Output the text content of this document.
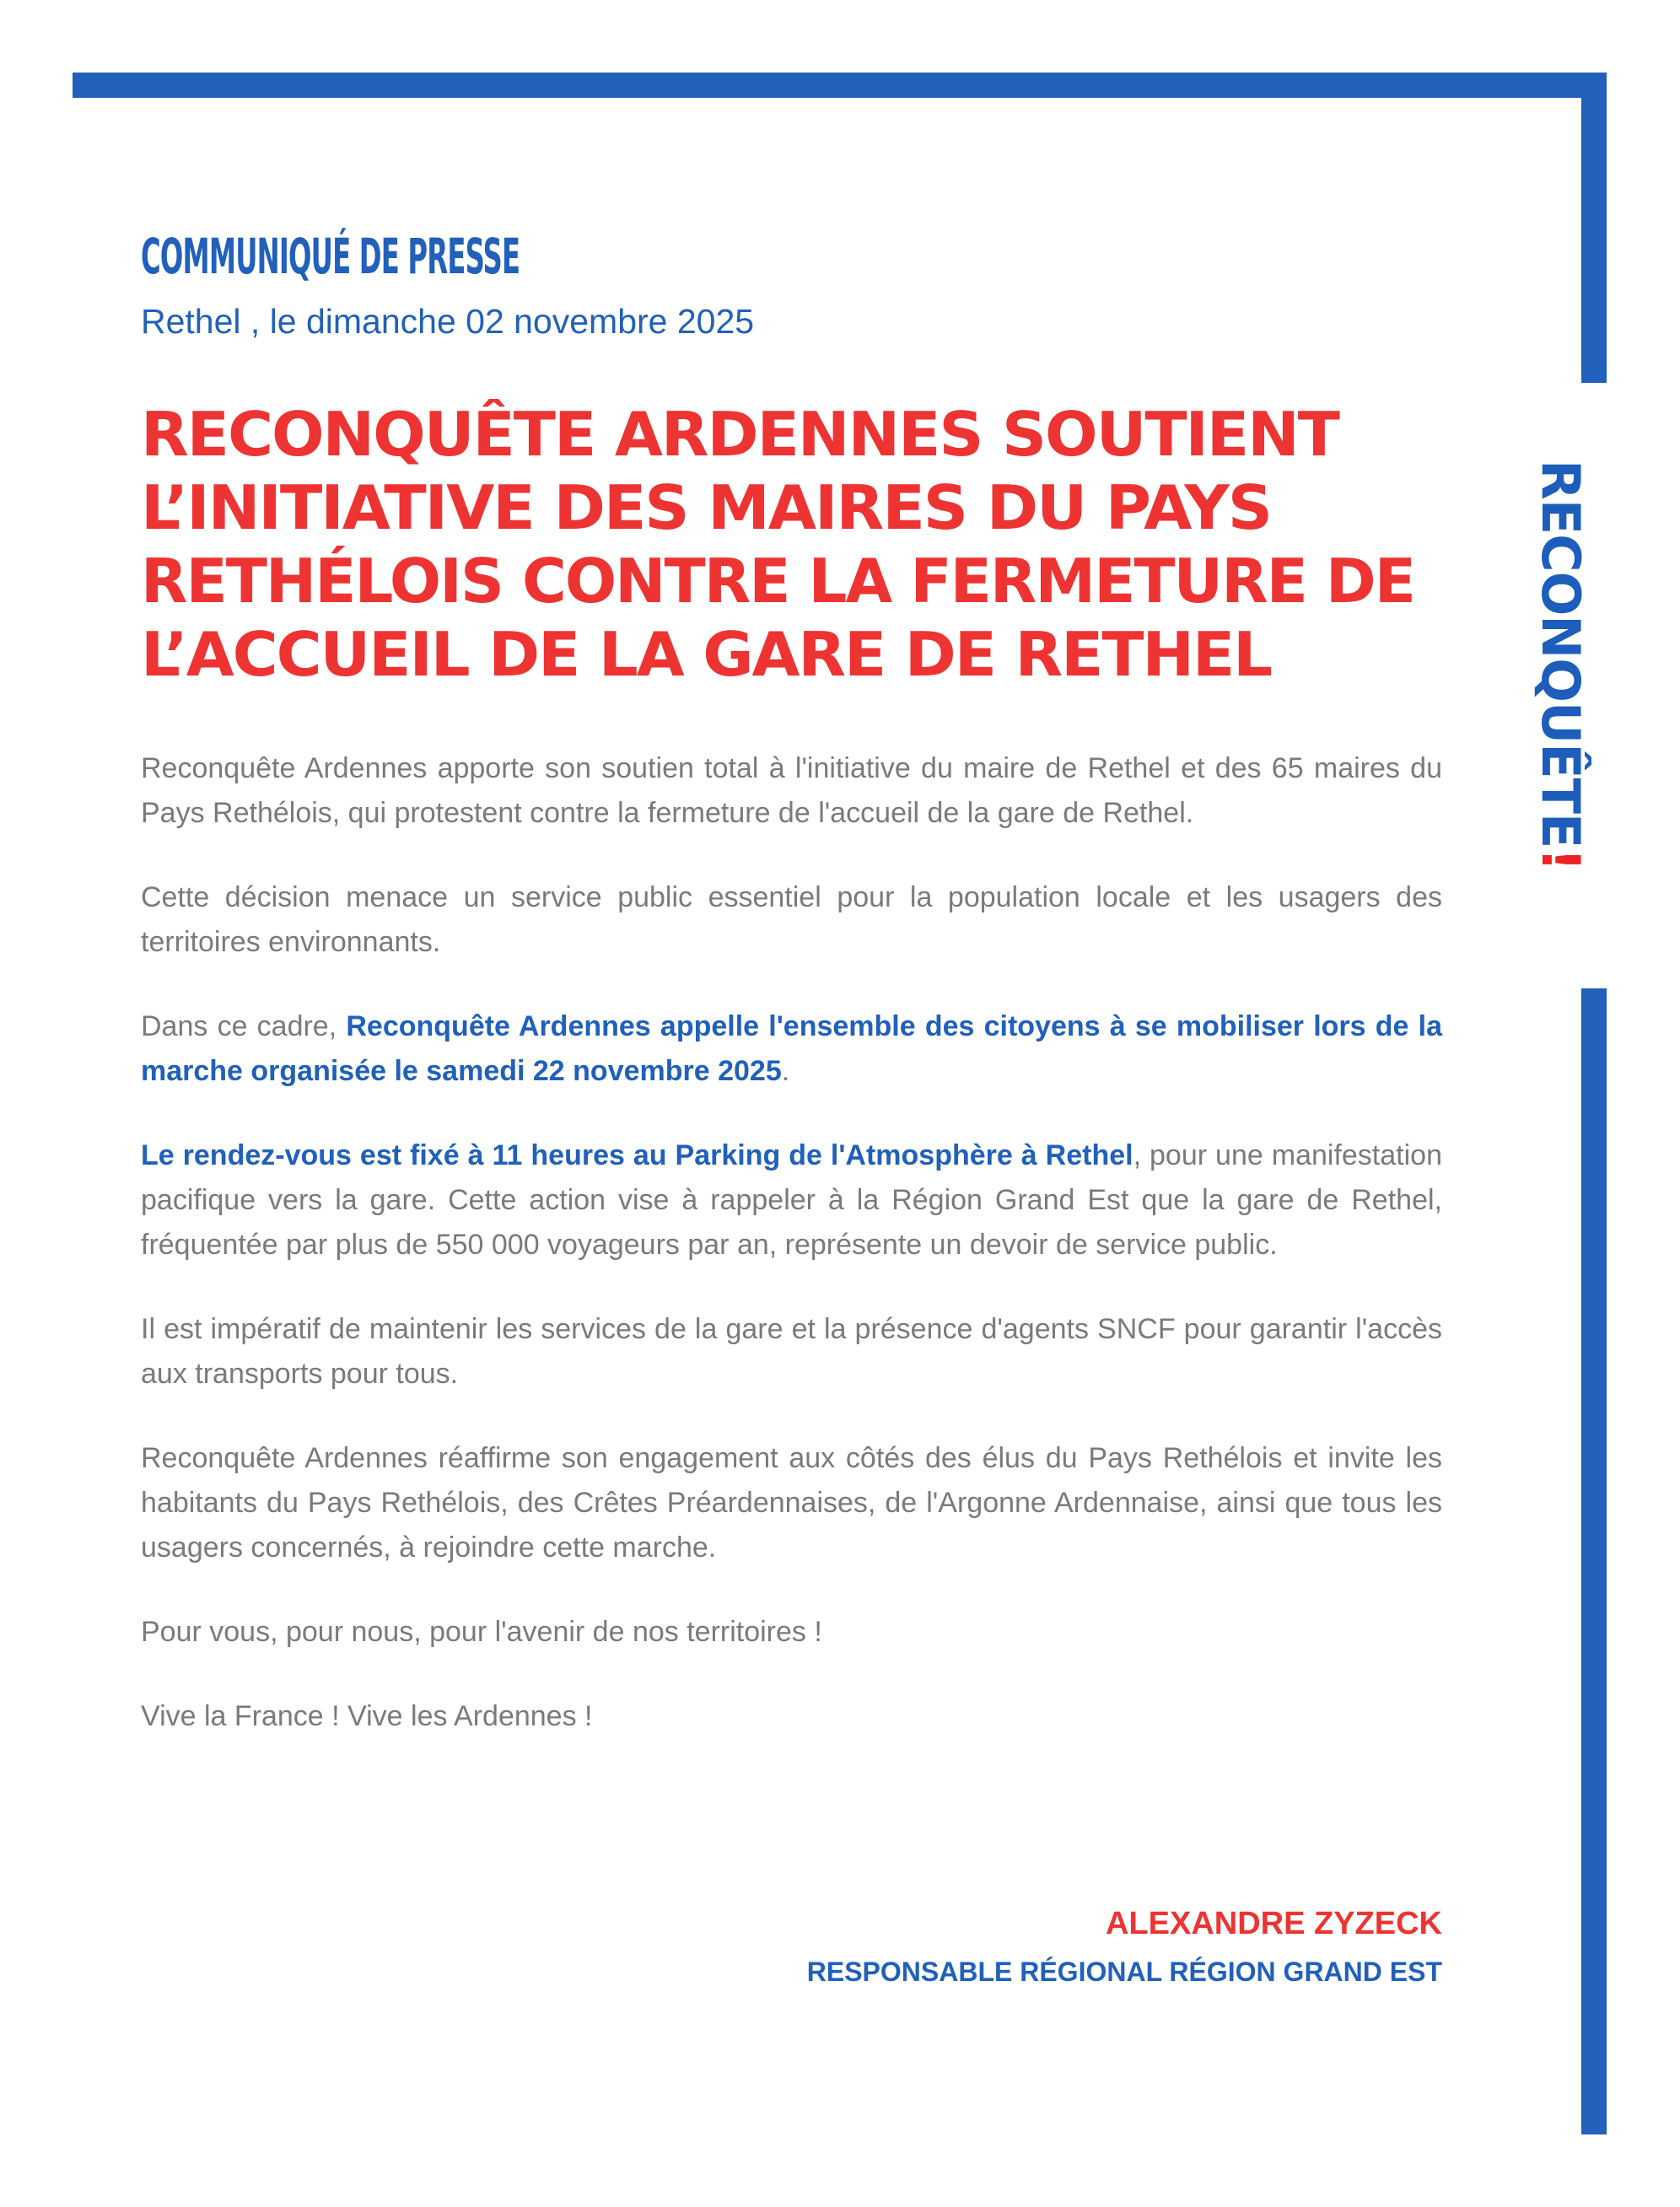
RECONQUÊTE!
COMMUNIQUÉ DE PRESSE
Rethel , le dimanche 02 novembre 2025
RECONQUÊTE ARDENNES SOUTIENT
L’INITIATIVE DES MAIRES DU PAYS
RETHÉLOIS CONTRE LA FERMETURE DE
L’ACCUEIL DE LA GARE DE RETHEL

Reconquête Ardennes apporte son soutien total à l'initiative du maire de Rethel et des 65 maires du Pays Rethélois, qui protestent contre la fermeture de l'accueil de la gare de Rethel.

Cette décision menace un service public essentiel pour la population locale et les usagers des territoires environnants.

Dans ce cadre, Reconquête Ardennes appelle l'ensemble des citoyens à se mobiliser lors de la marche organisée le samedi 22 novembre 2025.

Le rendez-vous est fixé à 11 heures au Parking de l'Atmosphère à Rethel, pour une manifestation pacifique vers la gare. Cette action vise à rappeler à la Région Grand Est que la gare de Rethel, fréquentée par plus de 550 000 voyageurs par an, représente un devoir de service public.

Il est impératif de maintenir les services de la gare et la présence d'agents SNCF pour garantir l'accès aux transports pour tous.

Reconquête Ardennes réaffirme son engagement aux côtés des élus du Pays Rethélois et invite les habitants du Pays Rethélois, des Crêtes Préardennaises, de l'Argonne Ardennaise, ainsi que tous les usagers concernés, à rejoindre cette marche.

Pour vous, pour nous, pour l'avenir de nos territoires !

Vive la France ! Vive les Ardennes !

ALEXANDRE ZYZECK
RESPONSABLE RÉGIONAL RÉGION GRAND EST
